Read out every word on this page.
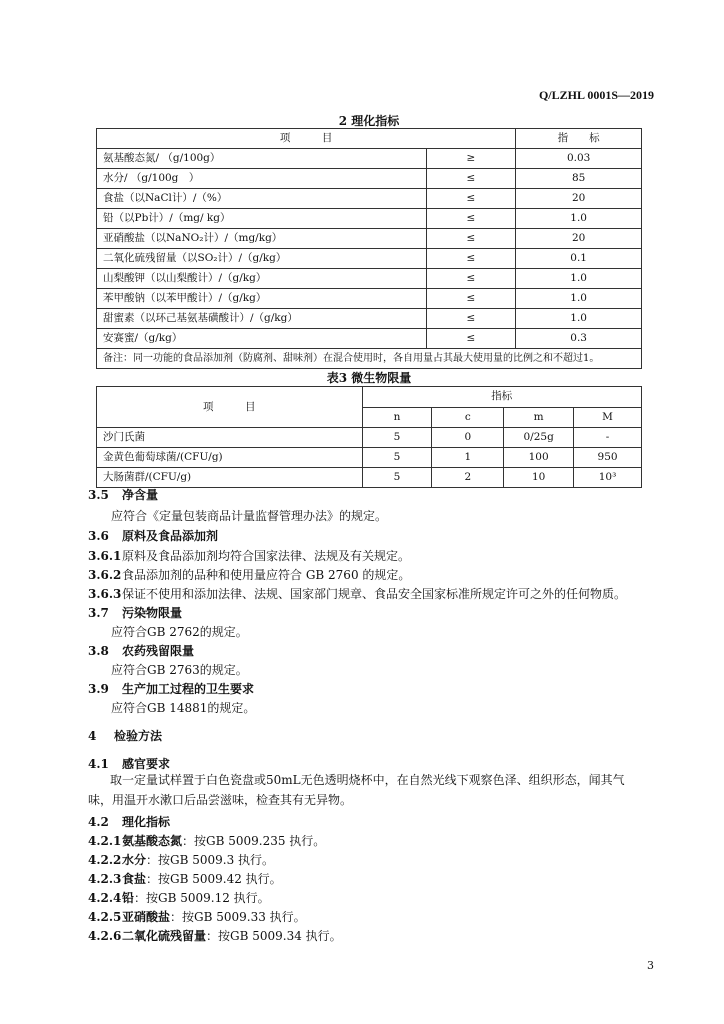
Q/LZHL 0001S—2019
2 理化指标
项　　　目		指　　标
氨基酸态氮/ （g/100g）	≥	0.03
水分/ （g/100g　）	≤	85
食盐（以NaCl计）/（%）	≤	20
铅（以Pb计）/（mg/ kg）	≤	1.0
亚硝酸盐（以NaNO₂计）/（mg/kg）	≤	20
二氧化硫残留量（以SO₂计）/（g/kg）	≤	0.1
山梨酸钾（以山梨酸计）/（g/kg）	≤	1.0
苯甲酸钠（以苯甲酸计）/（g/kg）	≤	1.0
甜蜜素（以环己基氨基磺酸计）/（g/kg）	≤	1.0
安赛蜜/（g/kg）	≤	0.3
备注：同一功能的食品添加剂（防腐剂、甜味剂）在混合使用时，各自用量占其最大使用量的比例之和不超过1。		
表3 微生物限量
项　　　目	指标			
	n	c	m	M
沙门氏菌	5	0	0/25g	-
金黄色葡萄球菌/(CFU/g)	5	1	100	950
大肠菌群/(CFU/g)	5	2	10	10³
3.5 净含量
应符合《定量包装商品计量监督管理办法》的规定。
3.6 原料及食品添加剂
3.6.1原料及食品添加剂均符合国家法律、法规及有关规定。
3.6.2食品添加剂的品种和使用量应符合 GB 2760 的规定。
3.6.3保证不使用和添加法律、法规、国家部门规章、食品安全国家标准所规定许可之外的任何物质。
3.7 污染物限量
应符合GB 2762的规定。
3.8 农药残留限量
应符合GB 2763的规定。
3.9 生产加工过程的卫生要求
应符合GB 14881的规定。
4 检验方法
4.1 感官要求
取一定量试样置于白色瓷盘或50mL无色透明烧杯中，在自然光线下观察色泽、组织形态，闻其气味，用温开水漱口后品尝滋味，检查其有无异物。
4.2 理化指标
4.2.1氨基酸态氮：按GB 5009.235 执行。
4.2.2水分：按GB 5009.3 执行。
4.2.3食盐：按GB 5009.42 执行。
4.2.4铅：按GB 5009.12 执行。
4.2.5亚硝酸盐：按GB 5009.33 执行。
4.2.6二氧化硫残留量：按GB 5009.34 执行。
3
